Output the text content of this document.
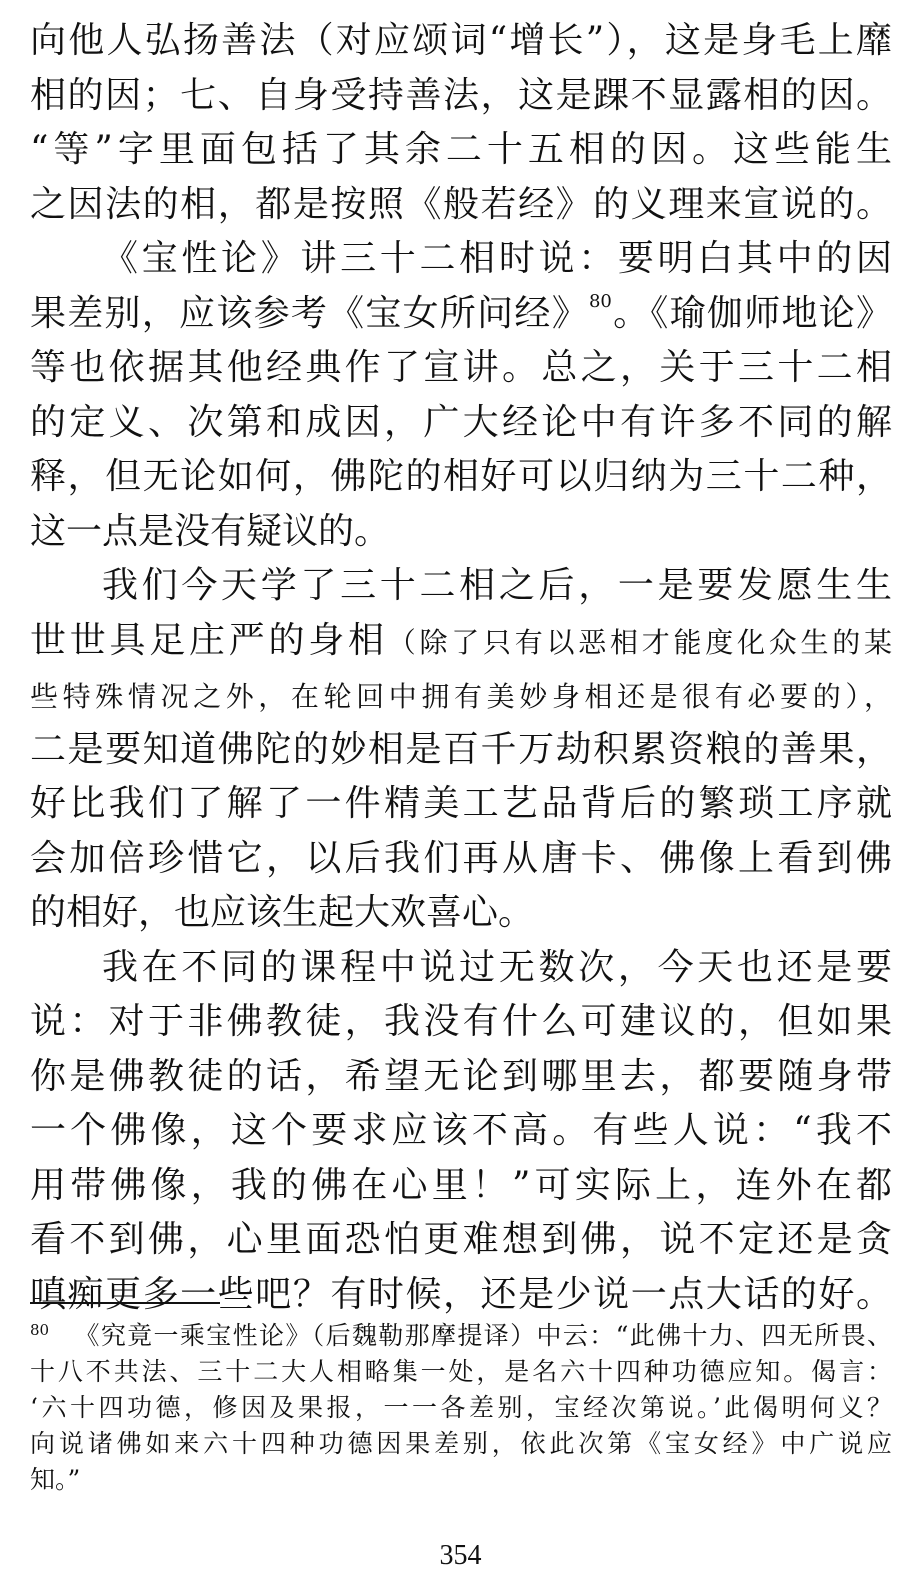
向他人弘扬善法（对应颂词“增长”），这是身毛上靡
相的因；七、自身受持善法，这是踝不显露相的因。
“等”字里面包括了其余二十五相的因。这些能生
之因法的相，都是按照《般若经》的义理来宣说的。
《宝性论》讲三十二相时说：要明白其中的因
果差别，应该参考《宝女所问经》$^{80}$。《瑜伽师地论》
等也依据其他经典作了宣讲。总之，关于三十二相
的定义、次第和成因，广大经论中有许多不同的解
释，但无论如何，佛陀的相好可以归纳为三十二种，
这一点是没有疑议的。
我们今天学了三十二相之后，一是要发愿生生
世世具足庄严的身相（除了只有以恶相才能度化众生的某
些特殊情况之外，在轮回中拥有美妙身相还是很有必要的），
二是要知道佛陀的妙相是百千万劫积累资粮的善果，
好比我们了解了一件精美工艺品背后的繁琐工序就
会加倍珍惜它，以后我们再从唐卡、佛像上看到佛
的相好，也应该生起大欢喜心。
我在不同的课程中说过无数次，今天也还是要
说：对于非佛教徒，我没有什么可建议的，但如果
你是佛教徒的话，希望无论到哪里去，都要随身带
一个佛像，这个要求应该不高。有些人说：“我不
用带佛像，我的佛在心里！”可实际上，连外在都
看不到佛，心里面恐怕更难想到佛，说不定还是贪
嗔痴更多一些吧？有时候，还是少说一点大话的好。
$^{80}$ 《究竟一乘宝性论》（后魏勒那摩提译）中云：“此佛十力、四无所畏、
十八不共法、三十二大人相略集一处，是名六十四种功德应知。偈言：
‘六十四功德，修因及果报，一一各差别，宝经次第说。’此偈明何义？
向说诸佛如来六十四种功德因果差别，依此次第《宝女经》中广说应
知。”
354
